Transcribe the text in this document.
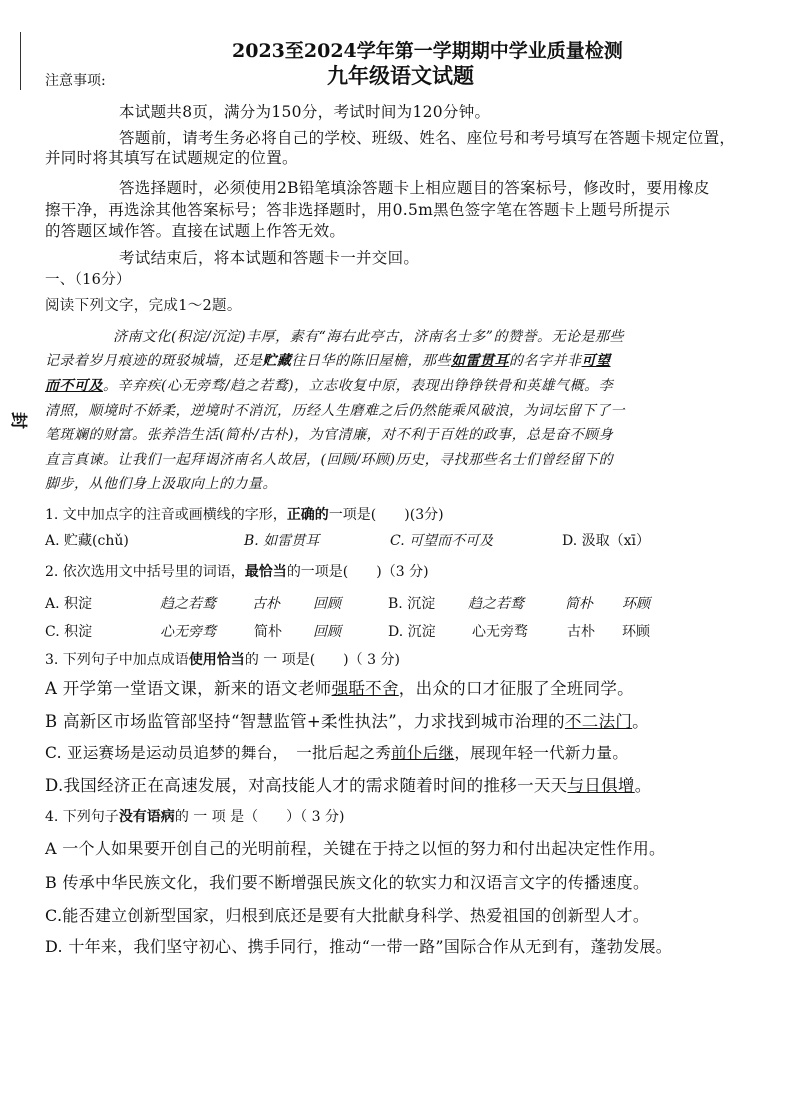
封
2023至2024学年第一学期期中学业质量检测
九年级语文试题
注意事项:
本试题共8页，满分为150分，考试时间为120分钟。
答题前，请考生务必将自己的学校、班级、姓名、座位号和考号填写在答题卡规定位置，
并同时将其填写在试题规定的位置。
答选择题时，必须使用2B铅笔填涂答题卡上相应题目的答案标号，修改时，要用橡皮
擦干净，再选涂其他答案标号；答非选择题时，用0.5m黑色签字笔在答题卡上题号所提示
的答题区域作答。直接在试题上作答无效。
考试结束后，将本试题和答题卡一并交回。
一、（16分）
阅读下列文字，完成1～2题。
济南文化(积淀/沉淀)丰厚，素有“海右此亭古，济南名士多”的赞誉。无论是那些
记录着岁月痕迹的斑驳城墙，还是贮藏往日华的陈旧屋檐，那些如雷贯耳的名字并非可望
而不可及。辛弃疾(心无旁骛/趋之若鹜)，立志收复中原，表现出铮铮铁骨和英雄气概。李
清照，顺境时不娇柔，逆境时不消沉，历经人生磨难之后仍然能乘风破浪，为词坛留下了一
笔斑斓的财富。张养浩生活(简朴/古朴)，为官清廉，对不利于百姓的政事，总是奋不顾身
直言真谏。让我们一起拜谒济南名人故居，(回顾/环顾)历史，寻找那些名士们曾经留下的
脚步，从他们身上汲取向上的力量。
1. 文中加点字的注音或画横线的字形，正确的一项是(　　)(3分)
A. 贮藏(chǔ)	B. 如雷贯耳	C. 可望而不可及	D. 汲取（xī）
2. 依次选用文中括号里的词语，最恰当的一项是(　　)（3 分)
A. 积淀	趋之若鹜	古朴 回顾	B. 沉淀 趋之若鹜	简朴 环顾
C. 积淀	心无旁骛	简朴 回顾	D. 沉淀	心无旁骛	古朴 环顾
3. 下列句子中加点成语使用恰当的 一 项是(　　)（ 3 分)
A 开学第一堂语文课，新来的语文老师强聒不舍，出众的口才征服了全班同学。
B 高新区市场监管部坚持“智慧监管+柔性执法”，力求找到城市治理的不二法门。
C. 亚运赛场是运动员追梦的舞台，　一批后起之秀前仆后继，展现年轻一代新力量。
D.我国经济正在高速发展，对高技能人才的需求随着时间的推移一天天与日俱增。
4. 下列句子没有语病的 一 项 是（　　）（ 3 分)
A 一个人如果要开创自己的光明前程，关键在于持之以恒的努力和付出起决定性作用。
B 传承中华民族文化，我们要不断增强民族文化的软实力和汉语言文字的传播速度。
C.能否建立创新型国家，归根到底还是要有大批献身科学、热爱祖国的创新型人才。
D. 十年来，我们坚守初心、携手同行，推动“一带一路”国际合作从无到有，蓬勃发展。
